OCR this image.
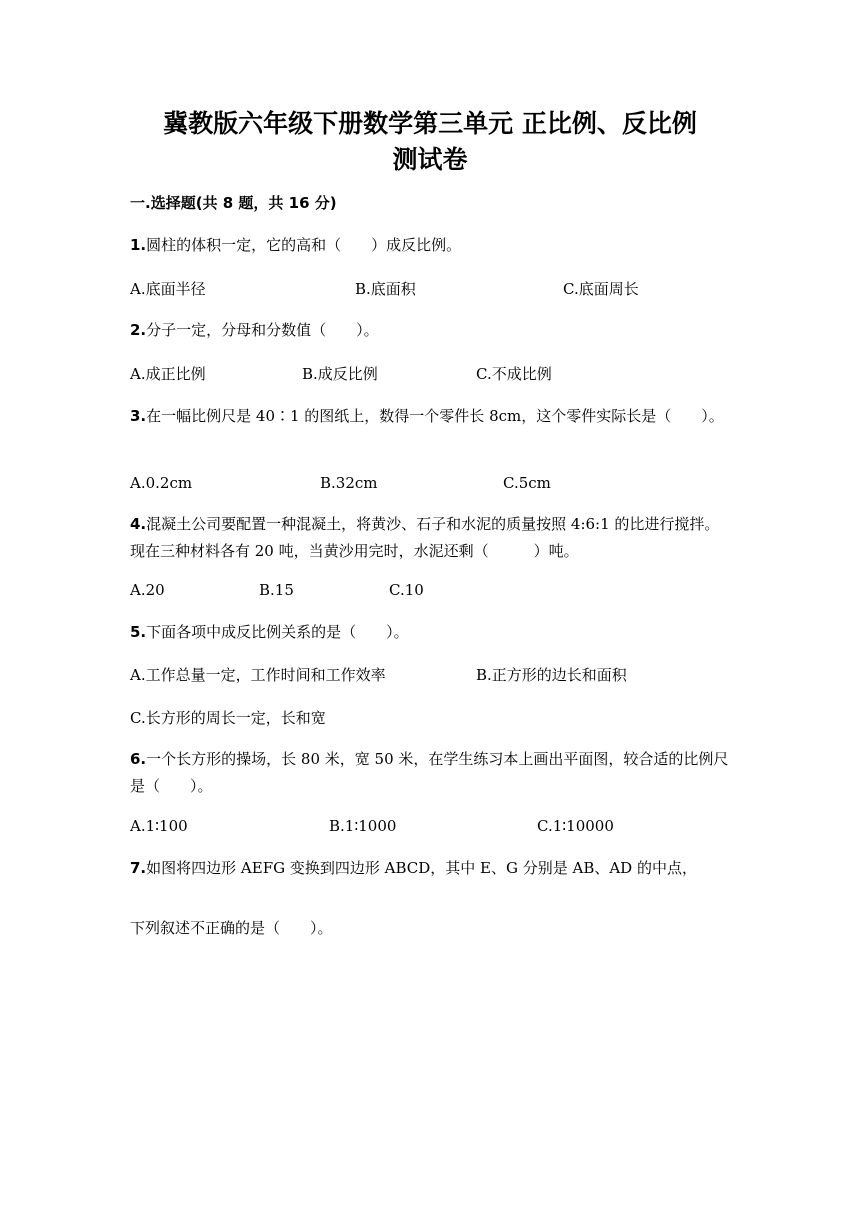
冀教版六年级下册数学第三单元 正比例、反比例
测试卷

一.选择题(共 8 题，共 16 分)

1.圆柱的体积一定，它的高和（　　）成反比例。

A.底面半径	B.底面积	C.底面周长

2.分子一定，分母和分数值（　　）。

A.成正比例	B.成反比例	C.不成比例

3.在一幅比例尺是 40∶1 的图纸上，数得一个零件长 8cm，这个零件实际长是（　　）。

A.0.2cm	B.32cm	C.5cm

4.混凝土公司要配置一种混凝土，将黄沙、石子和水泥的质量按照 4:6:1 的比进行搅拌。现在三种材料各有 20 吨，当黄沙用完时，水泥还剩（　　　）吨。

A.20	B.15	C.10

5.下面各项中成反比例关系的是（　　）。

A.工作总量一定，工作时间和工作效率	B.正方形的边长和面积
C.长方形的周长一定，长和宽

6.一个长方形的操场，长 80 米，宽 50 米，在学生练习本上画出平面图，较合适的比例尺是（　　）。

A.1∶100	B.1∶1000	C.1∶10000

7.如图将四边形 AEFG 变换到四边形 ABCD，其中 E、G 分别是 AB、AD 的中点，

下列叙述不正确的是（　　）。
